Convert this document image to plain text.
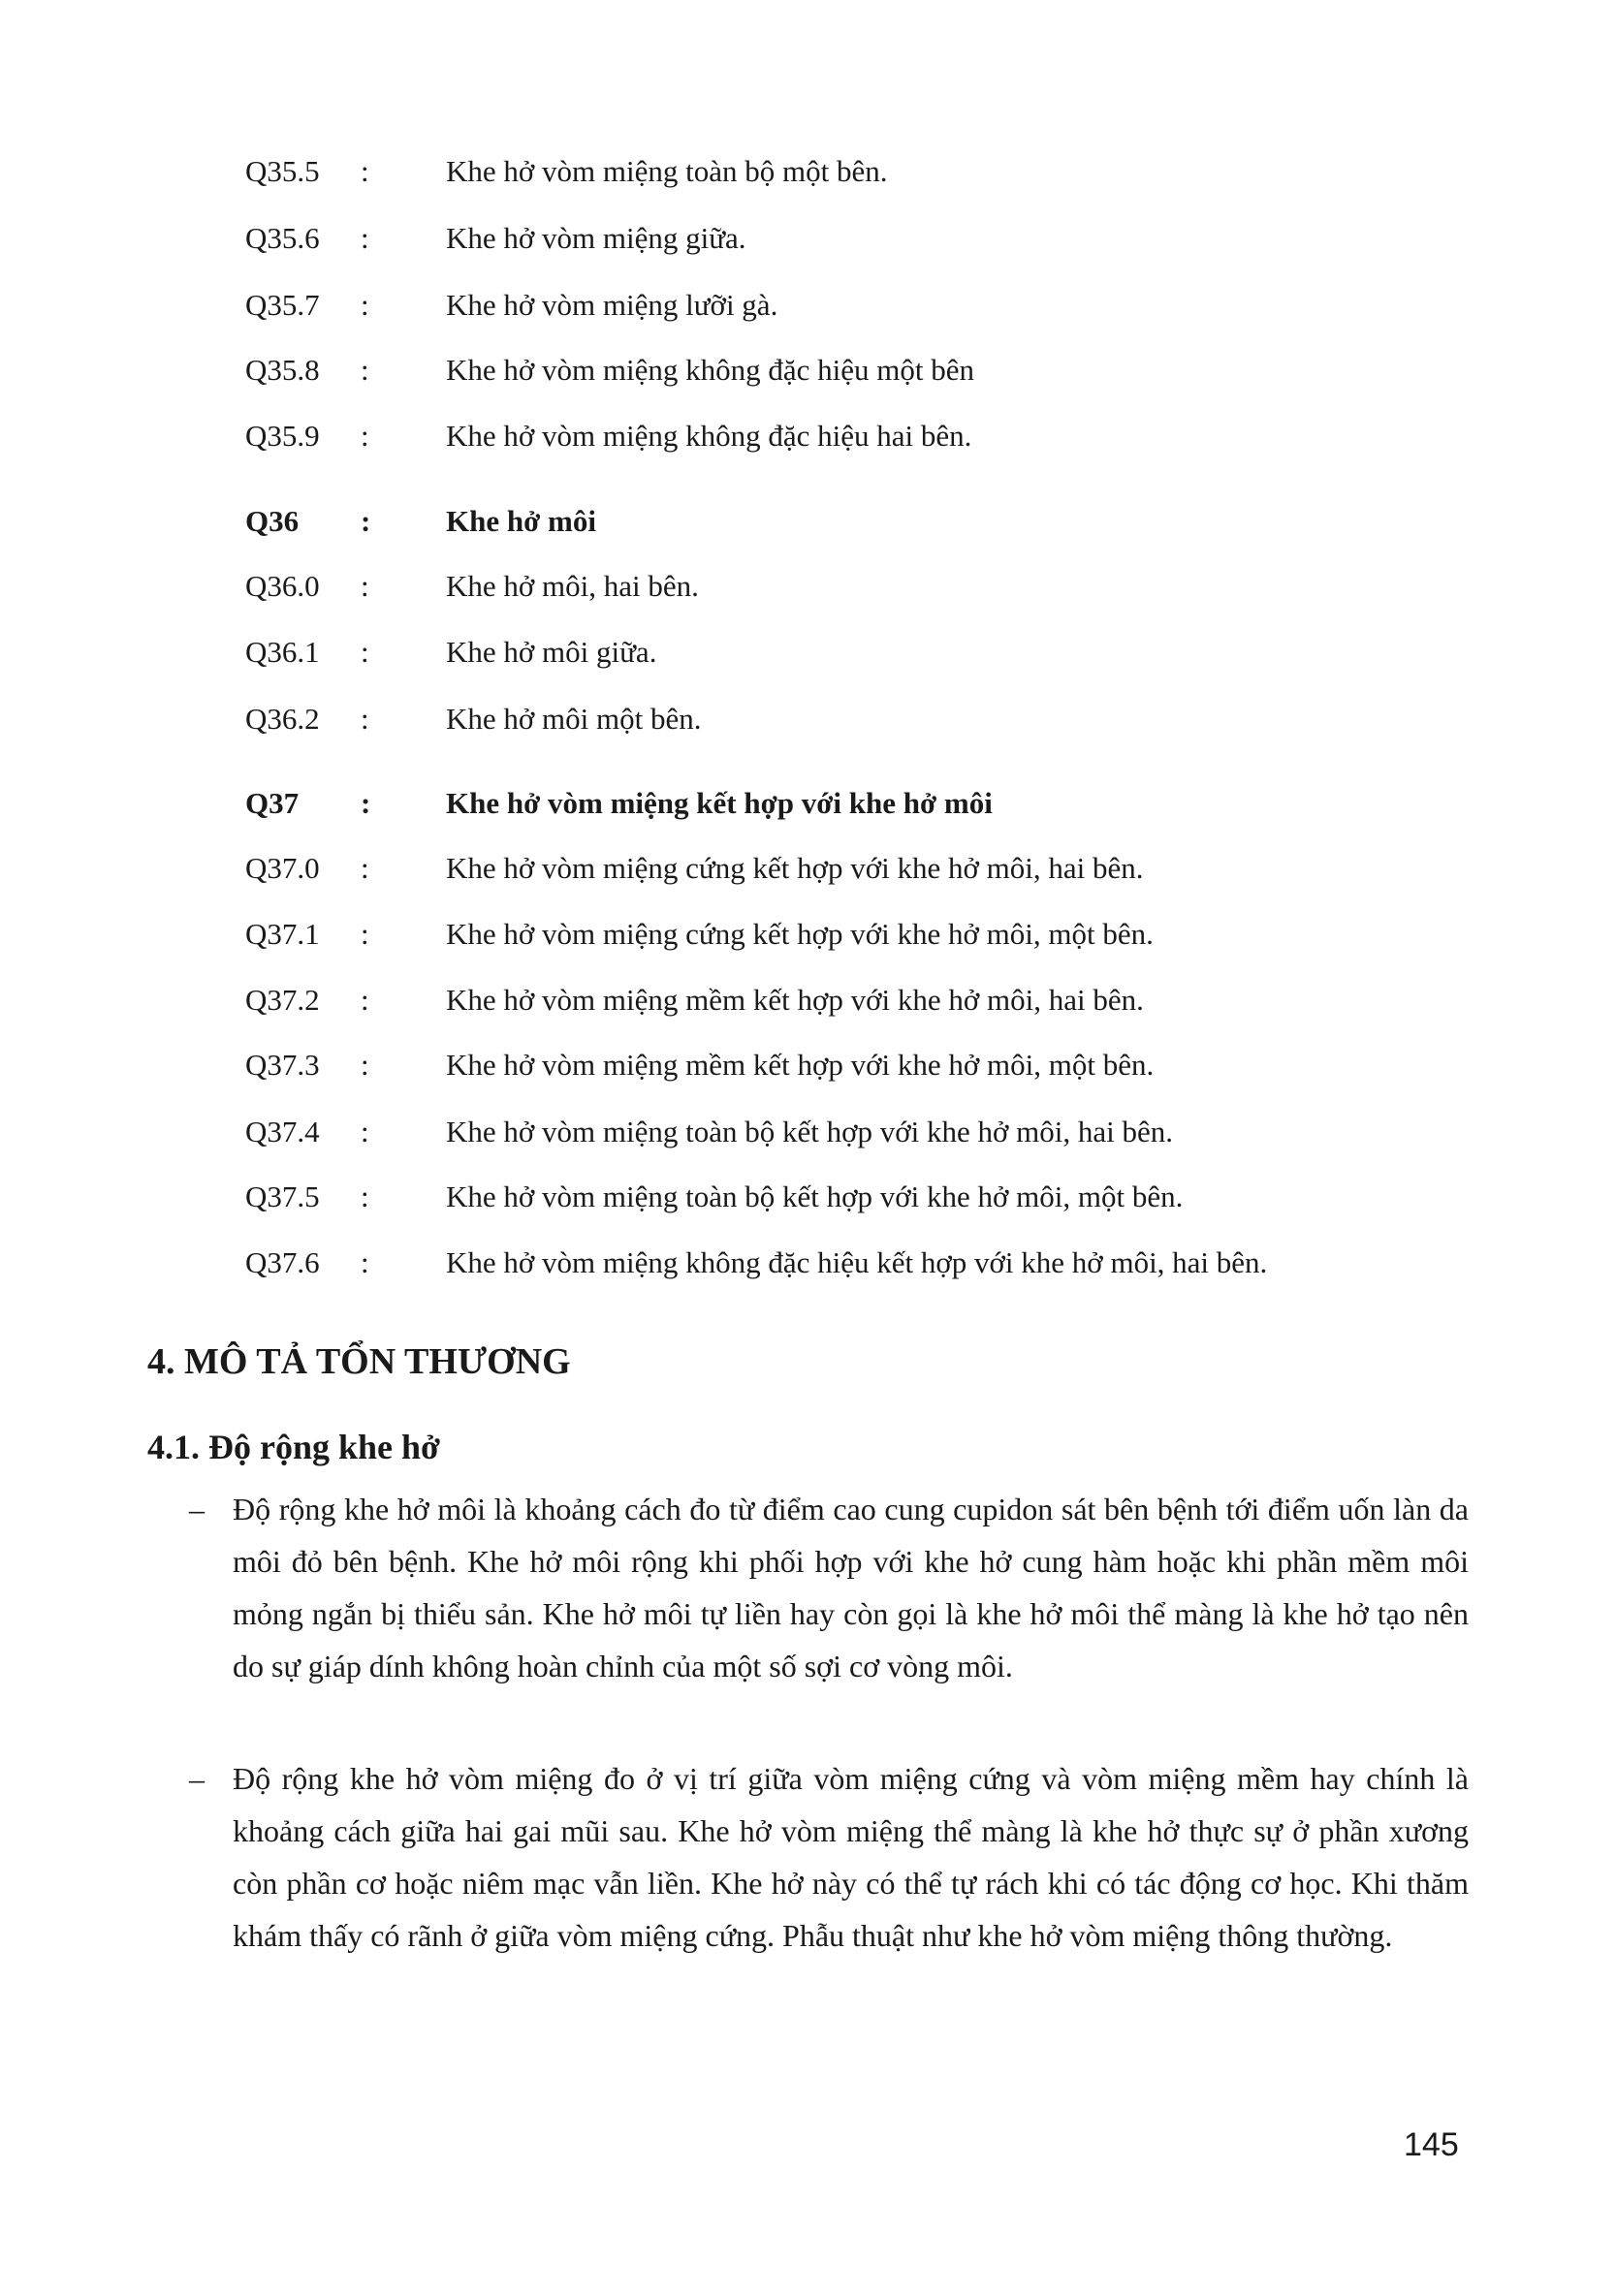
Q35.5	:	Khe hở vòm miệng toàn bộ một bên.
Q35.6	:	Khe hở vòm miệng giữa.
Q35.7	:	Khe hở vòm miệng lưỡi gà.
Q35.8	:	Khe hở vòm miệng không đặc hiệu một bên
Q35.9	:	Khe hở vòm miệng không đặc hiệu hai bên.
Q36	:	Khe hở môi
Q36.0	:	Khe hở môi, hai bên.
Q36.1	:	Khe hở môi giữa.
Q36.2	:	Khe hở môi một bên.
Q37	:	Khe hở vòm miệng kết hợp với khe hở môi
Q37.0	:	Khe hở vòm miệng cứng kết hợp với khe hở môi, hai bên.
Q37.1	:	Khe hở vòm miệng cứng kết hợp với khe hở môi, một bên.
Q37.2	:	Khe hở vòm miệng mềm kết hợp với khe hở môi, hai bên.
Q37.3	:	Khe hở vòm miệng mềm kết hợp với khe hở môi, một bên.
Q37.4	:	Khe hở vòm miệng toàn bộ kết hợp với khe hở môi, hai bên.
Q37.5	:	Khe hở vòm miệng toàn bộ kết hợp với khe hở môi, một bên.
Q37.6	:	Khe hở vòm miệng không đặc hiệu kết hợp với khe hở môi, hai bên.
4. MÔ TẢ TỔN THƯƠNG
4.1. Độ rộng khe hở
– Độ rộng khe hở môi là khoảng cách đo từ điểm cao cung cupidon sát bên bệnh tới điểm uốn làn da môi đỏ bên bệnh. Khe hở môi rộng khi phối hợp với khe hở cung hàm hoặc khi phần mềm môi mỏng ngắn bị thiểu sản. Khe hở môi tự liền hay còn gọi là khe hở môi thể màng là khe hở tạo nên do sự giáp dính không hoàn chỉnh của một số sợi cơ vòng môi.
– Độ rộng khe hở vòm miệng đo ở vị trí giữa vòm miệng cứng và vòm miệng mềm hay chính là khoảng cách giữa hai gai mũi sau. Khe hở vòm miệng thể màng là khe hở thực sự ở phần xương còn phần cơ hoặc niêm mạc vẫn liền. Khe hở này có thể tự rách khi có tác động cơ học. Khi thăm khám thấy có rãnh ở giữa vòm miệng cứng. Phẫu thuật như khe hở vòm miệng thông thường.
145
